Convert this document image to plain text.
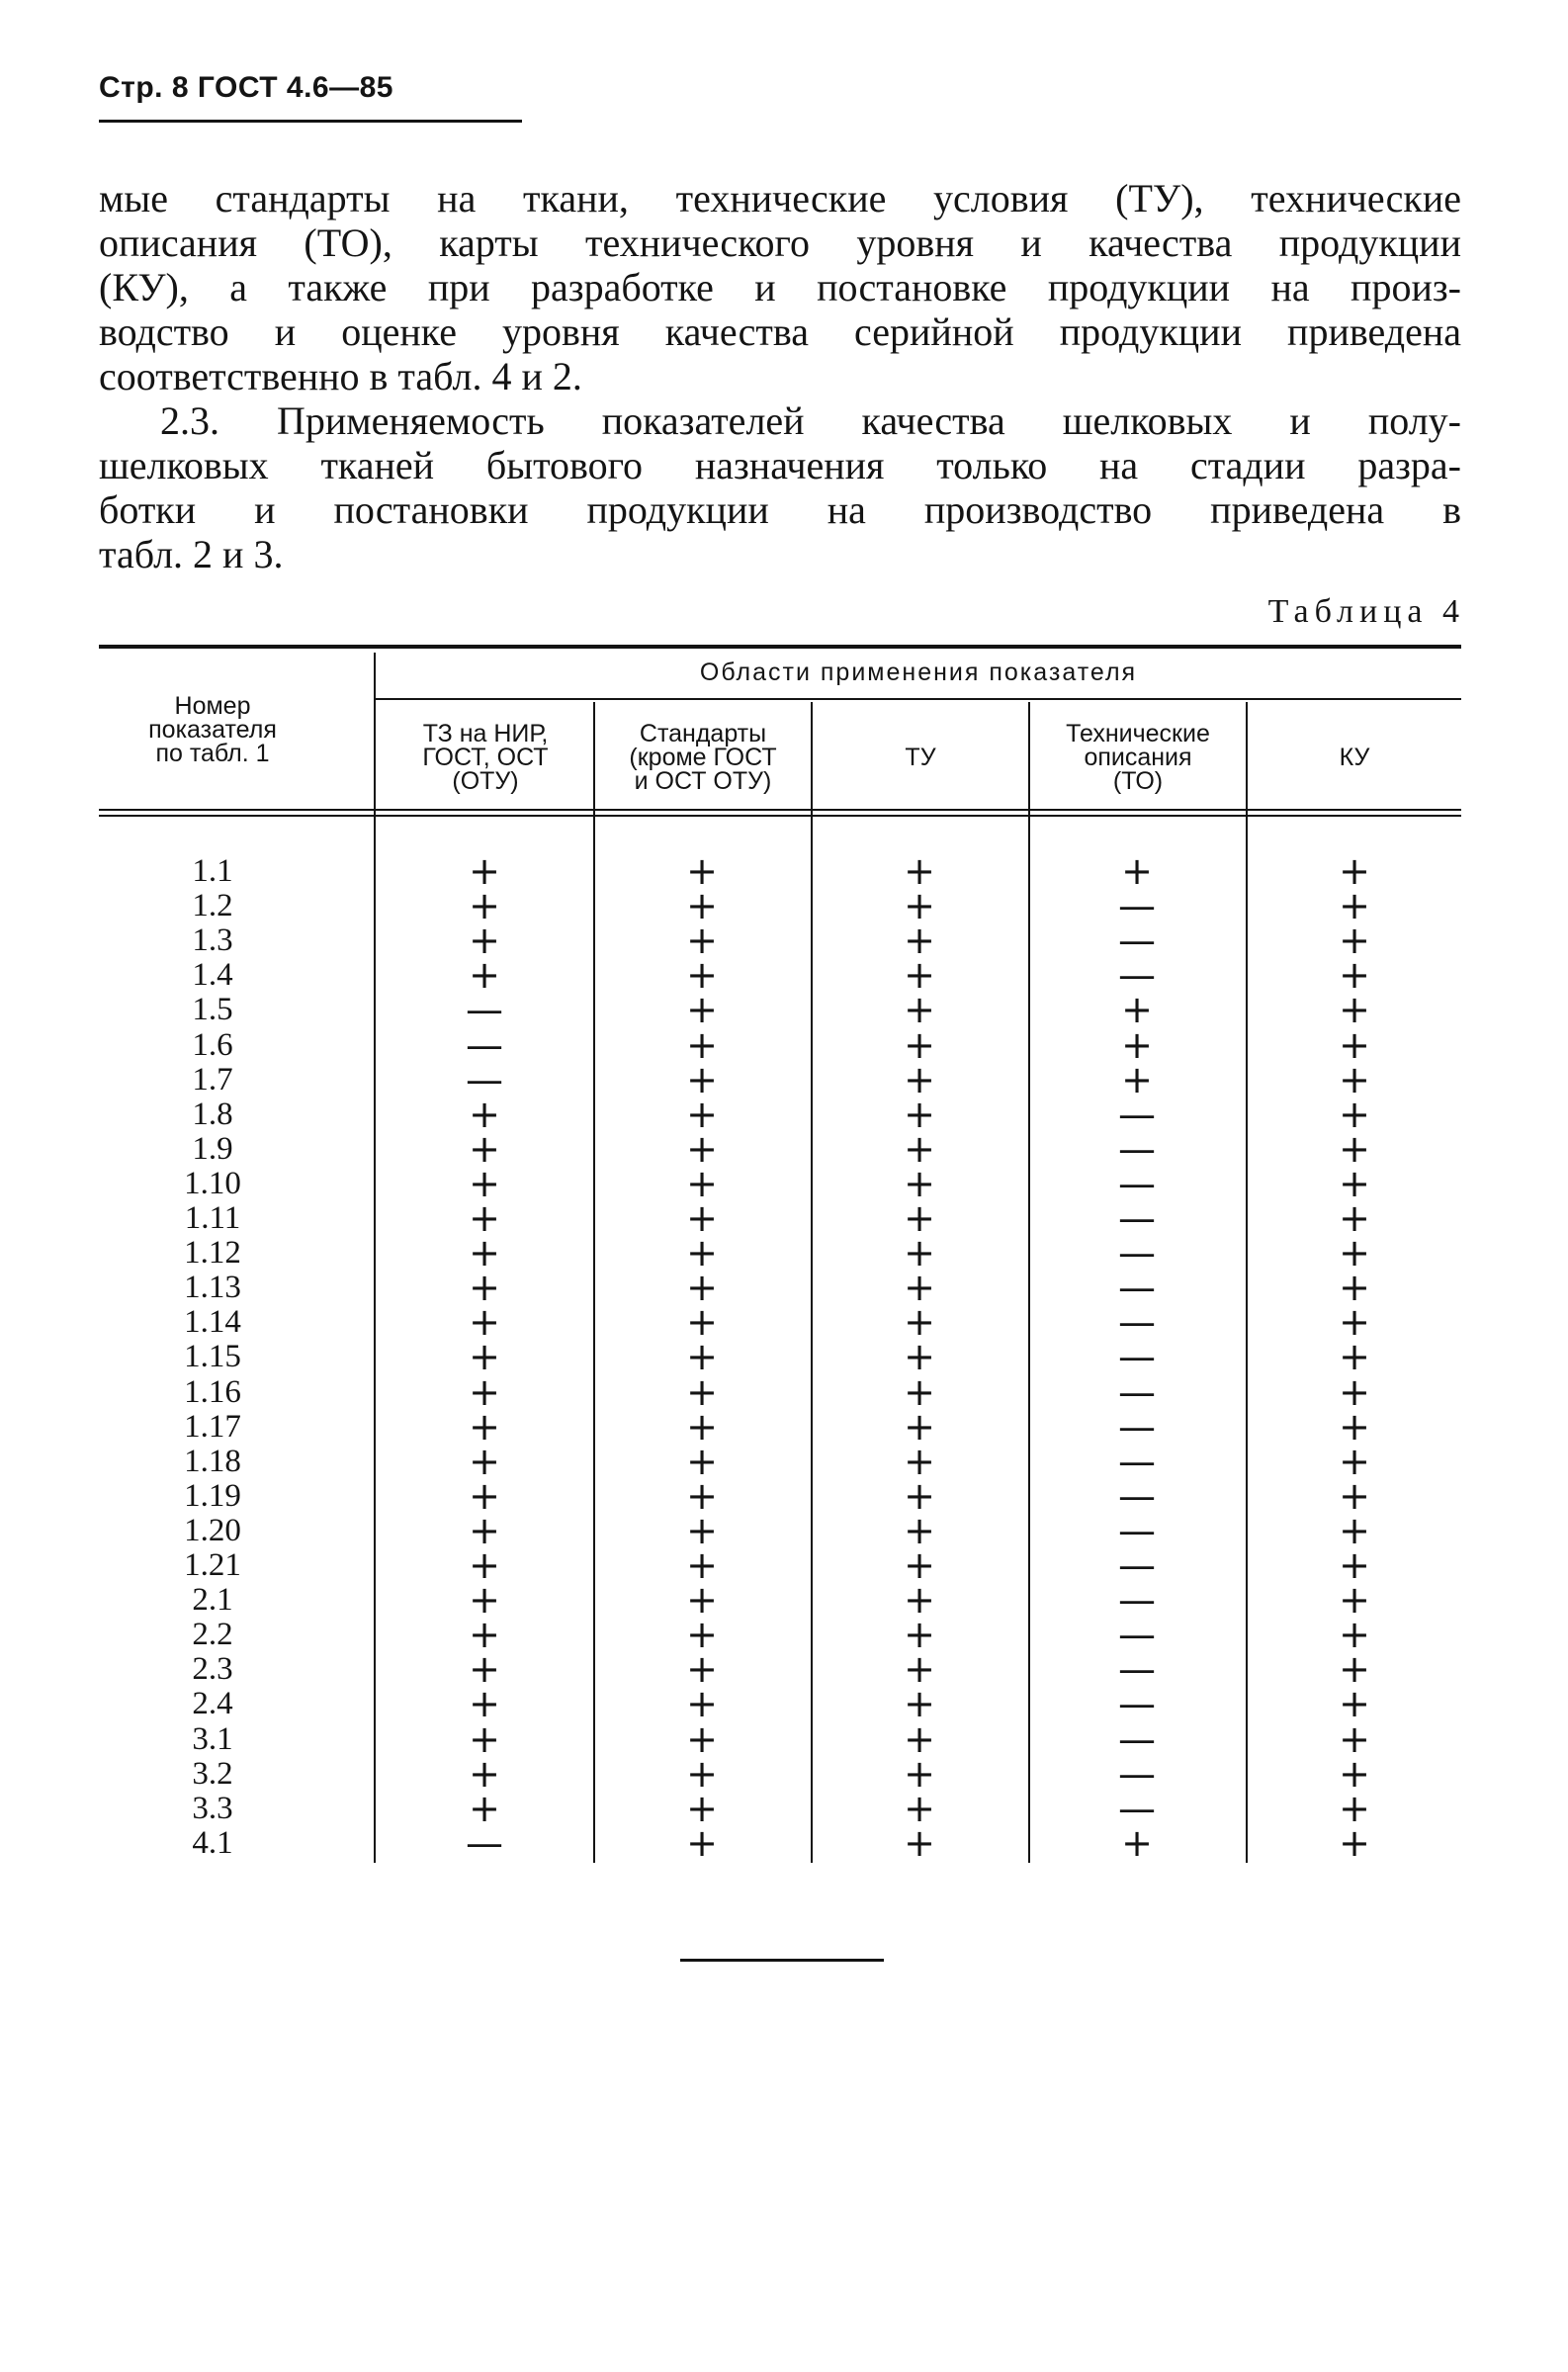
Стр. 8 ГОСТ 4.6—85
мые стандарты на ткани, технические условия (ТУ), технические
описания (ТО), карты технического уровня и качества продукции
(КУ), а также при разработке и постановке продукции на произ-
водство и оценке уровня качества серийной продукции приведена
соответственно в табл. 4 и 2.
2.3. Применяемость показателей качества шелковых и полу-
шелковых тканей бытового назначения только на стадии разра-
ботки и постановки продукции на производство приведена в
табл. 2 и 3.
Таблица 4
Области применения показателя
Номер
показателя
по табл. 1
ТЗ на НИР,
ГОСТ, ОСТ
(ОТУ)
Стандарты
(кроме ГОСТ
и ОСТ ОТУ)
ТУ
Технические
описания
(ТО)
КУ
1.1	+	+	+	+	+
1.2	+	+	+	—	+
1.3	+	+	+	—	+
1.4	+	+	+	—	+
1.5	—	+	+	+	+
1.6	—	+	+	+	+
1.7	—	+	+	+	+
1.8	+	+	+	—	+
1.9	+	+	+	—	+
1.10	+	+	+	—	+
1.11	+	+	+	—	+
1.12	+	+	+	—	+
1.13	+	+	+	—	+
1.14	+	+	+	—	+
1.15	+	+	+	—	+
1.16	+	+	+	—	+
1.17	+	+	+	—	+
1.18	+	+	+	—	+
1.19	+	+	+	—	+
1.20	+	+	+	—	+
1.21	+	+	+	—	+
2.1	+	+	+	—	+
2.2	+	+	+	—	+
2.3	+	+	+	—	+
2.4	+	+	+	—	+
3.1	+	+	+	—	+
3.2	+	+	+	—	+
3.3	+	+	+	—	+
4.1	—	+	+	+	+
